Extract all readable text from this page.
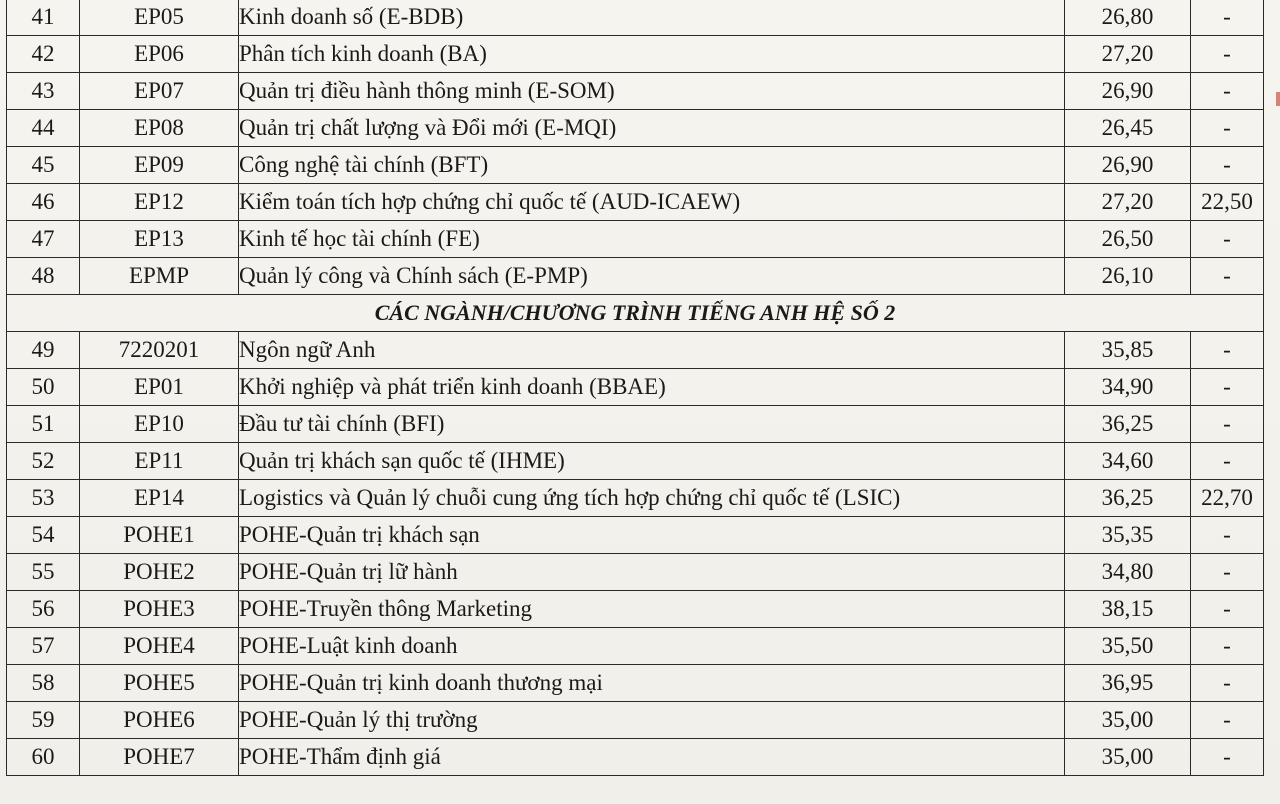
41	EP05	Kinh doanh số (E-BDB)	26,80	-
42	EP06	Phân tích kinh doanh (BA)	27,20	-
43	EP07	Quản trị điều hành thông minh (E-SOM)	26,90	-
44	EP08	Quản trị chất lượng và Đổi mới (E-MQI)	26,45	-
45	EP09	Công nghệ tài chính (BFT)	26,90	-
46	EP12	Kiểm toán tích hợp chứng chỉ quốc tế (AUD-ICAEW)	27,20	22,50
47	EP13	Kinh tế học tài chính (FE)	26,50	-
48	EPMP	Quản lý công và Chính sách (E-PMP)	26,10	-
CÁC NGÀNH/CHƯƠNG TRÌNH TIẾNG ANH HỆ SỐ 2				
49	7220201	Ngôn ngữ Anh	35,85	-
50	EP01	Khởi nghiệp và phát triển kinh doanh (BBAE)	34,90	-
51	EP10	Đầu tư tài chính (BFI)	36,25	-
52	EP11	Quản trị khách sạn quốc tế (IHME)	34,60	-
53	EP14	Logistics và Quản lý chuỗi cung ứng tích hợp chứng chỉ quốc tế (LSIC)	36,25	22,70
54	POHE1	POHE-Quản trị khách sạn	35,35	-
55	POHE2	POHE-Quản trị lữ hành	34,80	-
56	POHE3	POHE-Truyền thông Marketing	38,15	-
57	POHE4	POHE-Luật kinh doanh	35,50	-
58	POHE5	POHE-Quản trị kinh doanh thương mại	36,95	-
59	POHE6	POHE-Quản lý thị trường	35,00	-
60	POHE7	POHE-Thẩm định giá	35,00	-
